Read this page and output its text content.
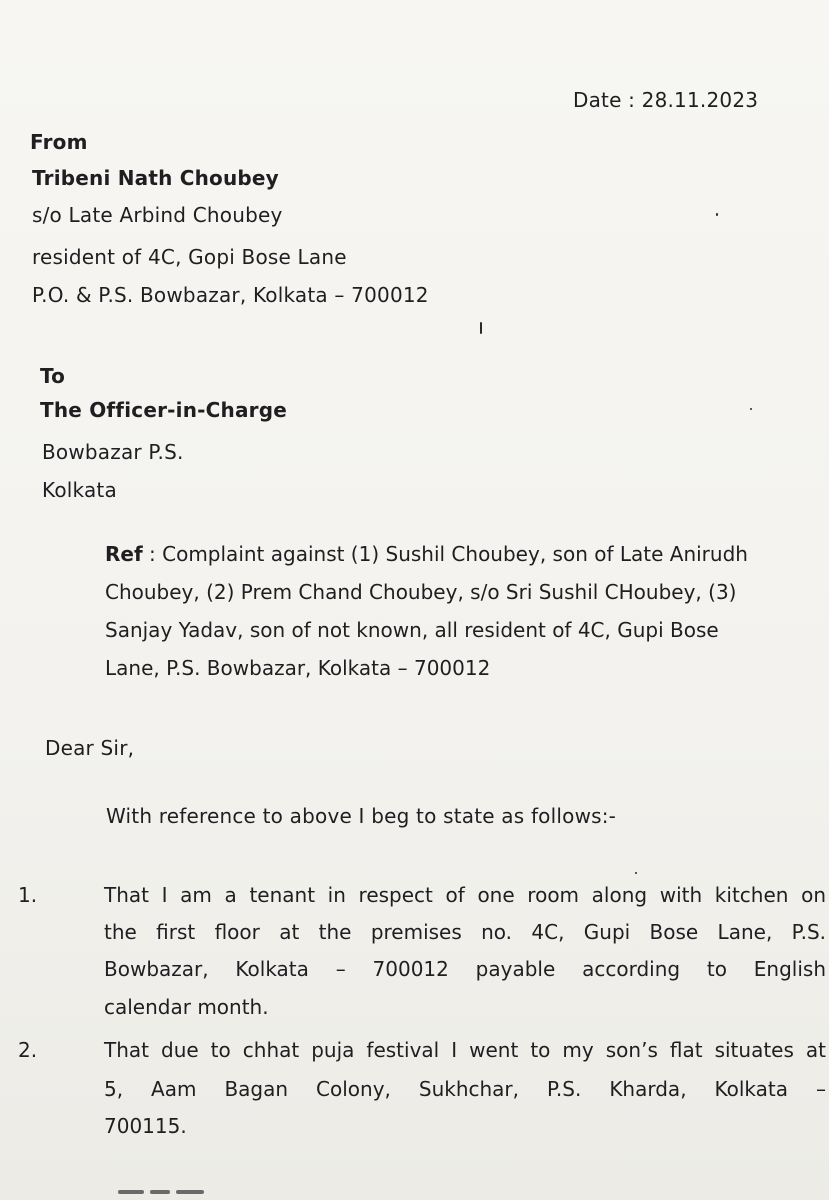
Date : 28.11.2023
From
Tribeni Nath Choubey
s/o Late Arbind Choubey
resident of 4C, Gopi Bose Lane
P.O. & P.S. Bowbazar, Kolkata – 700012
To
The Officer-in-Charge
Bowbazar P.S.
Kolkata
Ref : Complaint against (1) Sushil Choubey, son of Late Anirudh
Choubey, (2) Prem Chand Choubey, s/o Sri Sushil CHoubey, (3)
Sanjay Yadav, son of not known, all resident of 4C, Gupi Bose
Lane, P.S. Bowbazar, Kolkata – 700012
Dear Sir,
With reference to above I beg to state as follows:-
1.	That I am a tenant in respect of one room along with kitchen on
the first floor at the premises no. 4C, Gupi Bose Lane, P.S.
Bowbazar, Kolkata – 700012 payable according to English
calendar month.
2.	That due to chhat puja festival I went to my son’s flat situates at
5, Aam Bagan Colony, Sukhchar, P.S. Kharda, Kolkata –
700115.
